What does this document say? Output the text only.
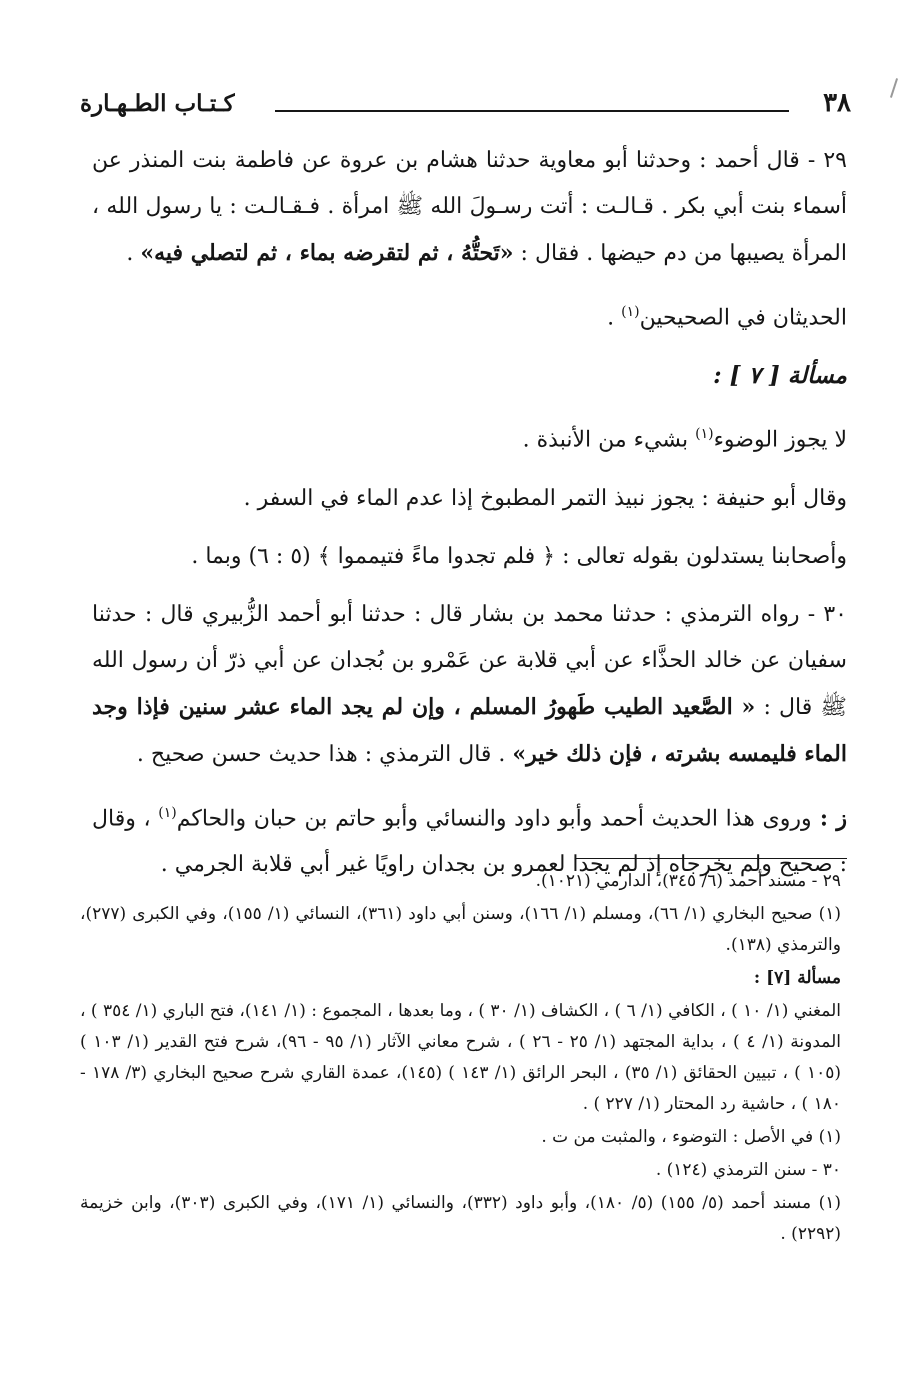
٣٨
كـتـاب الطـهـارة

٢٩ - قال أحمد : وحدثنا أبو معاوية حدثنا هشام بن عروة عن فاطمة بنت المنذر عن أسماء بنت أبي بكر . قـالـت : أتت رسـولَ الله ﷺ امرأة . فـقـالـت : يا رسول الله ، المرأة يصيبها من دم حيضها . فقال : «تَحتُّهُ ، ثم لتقرضه بماء ، ثم لتصلي فيه» .

الحديثان في الصحيحين$^{(١)}$ .

مسألة [ ٧ ] :

لا يجوز الوضوء$^{(١)}$ بشيء من الأنبذة .

وقال أبو حنيفة : يجوز نبيذ التمر المطبوخ إذا عدم الماء في السفر .

وأصحابنا يستدلون بقوله تعالى : ﴿ فلم تجدوا ماءً فتيمموا ﴾ (٥ : ٦) وبما .

٣٠ - رواه الترمذي : حدثنا محمد بن بشار قال : حدثنا أبو أحمد الزُّبيري قال : حدثنا سفيان عن خالد الحذَّاء عن أبي قلابة عن عَمْرو بن بُجدان عن أبي ذرّ أن رسول الله ﷺ قال : « الصَّعيد الطيب طَهورُ المسلم ، وإن لم يجد الماء عشر سنين فإذا وجد الماء فليمسه بشرته ، فإن ذلك خير» . قال الترمذي : هذا حديث حسن صحيح .

ز : وروى هذا الحديث أحمد وأبو داود والنسائي وأبو حاتم بن حبان والحاكم$^{(١)}$ ، وقال : صحيح ولم يخرجاه إذ لم يجدا لعمرو بن بجدان راويًا غير أبي قلابة الجرمي .

٢٩ - مسند أحمد (٦/ ٣٤٥)، الدارمي (١٠٢١).

(١) صحيح البخاري (١/ ٦٦)، ومسلم (١/ ١٦٦)، وسنن أبي داود (٣٦١)، النسائي (١/ ١٥٥)، وفي الكبرى (٢٧٧)، والترمذي (١٣٨).

مسألة [٧] :

المغني (١/ ١٠ ) ، الكافي (١/ ٦ ) ، الكشاف (١/ ٣٠ ) ، وما بعدها ، المجموع : (١/ ١٤١)، فتح الباري (١/ ٣٥٤ ) ، المدونة (١/ ٤ ) ، بداية المجتهد (١/ ٢٥ - ٢٦ ) ، شرح معاني الآثار (١/ ٩٥ - ٩٦)، شرح فتح القدير (١/ ١٠٣ ) (١٠٥ ) ، تبيين الحقائق (١/ ٣٥) ، البحر الرائق (١/ ١٤٣ ) (١٤٥)، عمدة القاري شرح صحيح البخاري (٣/ ١٧٨ - ١٨٠ ) ، حاشية رد المحتار (١/ ٢٢٧ ) .

(١) في الأصل : التوضوء ، والمثبت من ت .

٣٠ - سنن الترمذي (١٢٤) .

(١) مسند أحمد (٥/ ١٥٥) (٥/ ١٨٠)، وأبو داود (٣٣٢)، والنسائي (١/ ١٧١)، وفي الكبرى (٣٠٣)، وابن خزيمة (٢٢٩٢) .
